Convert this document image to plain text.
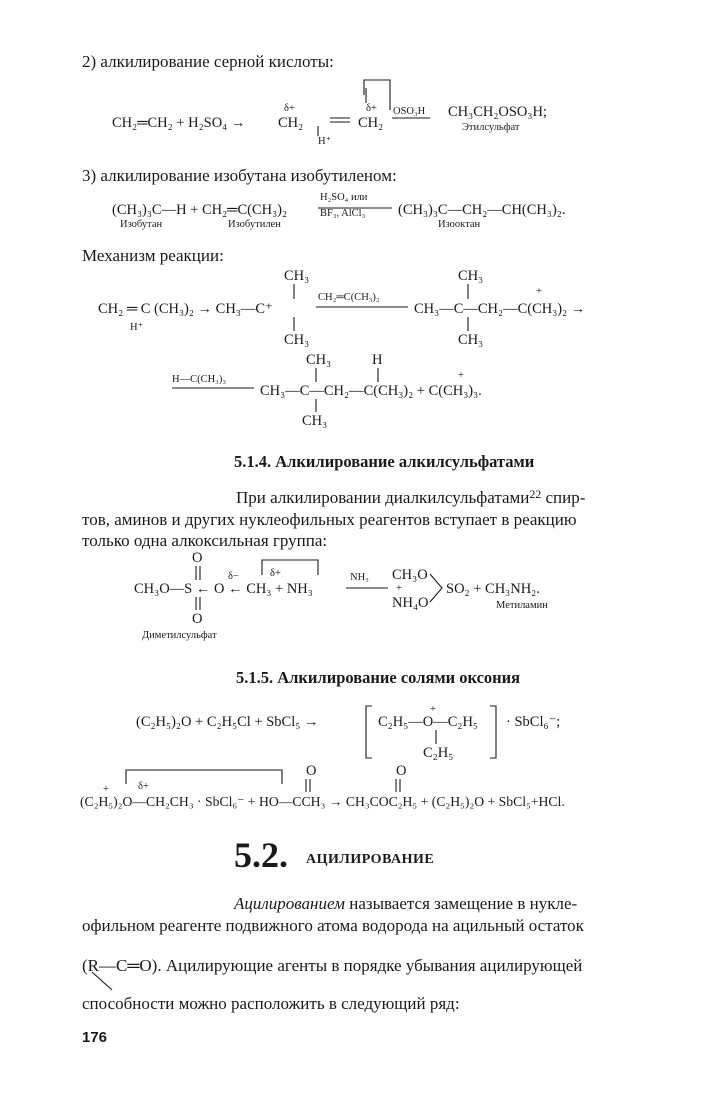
2) алкилирование серной кислоты:
CH₂═CH₂ + H₂SO₄ →
δ+	δ+
CH₂	CH₂
H⁺
OSO₃H CH₃CH₂OSO₃H;
Этилсульфат
3) алкилирование изобутана изобутиленом:
(CH₃)₃C—H + CH₂═C(CH₃)₂
H₂SO₄ или
BF₃, AlCl₃ (CH₃)₃C—CH₂—CH(CH₃)₂.
Изобутан	Изобутилен	Изооктан
Механизм реакции:
CH₃
CH₂ ═ C (CH₃)₂ → CH₃—C⁺
H⁺
CH₃
CH₂═C(CH₃)₂
CH₃
+
CH₃—C—CH₂—C(CH₃)₂ →
CH₃
CH₃	H
H—C(CH₃)₃	+
CH₃—C—CH₂—C(CH₃)₂ + C(CH₃)₃.
CH₃
5.1.4. Алкилирование алкилсульфатами
При алкилировании диалкилсульфатами$^{22}$ спир-
тов, аминов и других нуклеофильных реагентов вступает в реакцию
только одна алкоксильная группа:
O
δ−	δ+
CH₃O—S ← O ← CH₃ + NH₃
NH₃ CH₃O
+
NH₄O
SO₂ + CH₃NH₂.
O
Диметилсульфат
Метиламин
5.1.5. Алкилирование солями оксония
(C₂H₅)₂O + C₂H₅Cl + SbCl₅ →
+
C₂H₅—O—C₂H₅
C₂H₅
· SbCl₆⁻;
O	O
+	δ+
(C₂H₅)₂O—CH₂CH₃ · SbCl₆⁻ + HO—CCH₃ → CH₃COC₂H₅ + (C₂H₅)₂O + SbCl₅+HCl.
5.2. АЦИЛИРОВАНИЕ
Ацилированием называется замещение в нукле-
офильном реагенте подвижного атома водорода на ацильный остаток
(R—C═O). Ацилирующие агенты в порядке убывания ацилирующей
способности можно расположить в следующий ряд:
176
